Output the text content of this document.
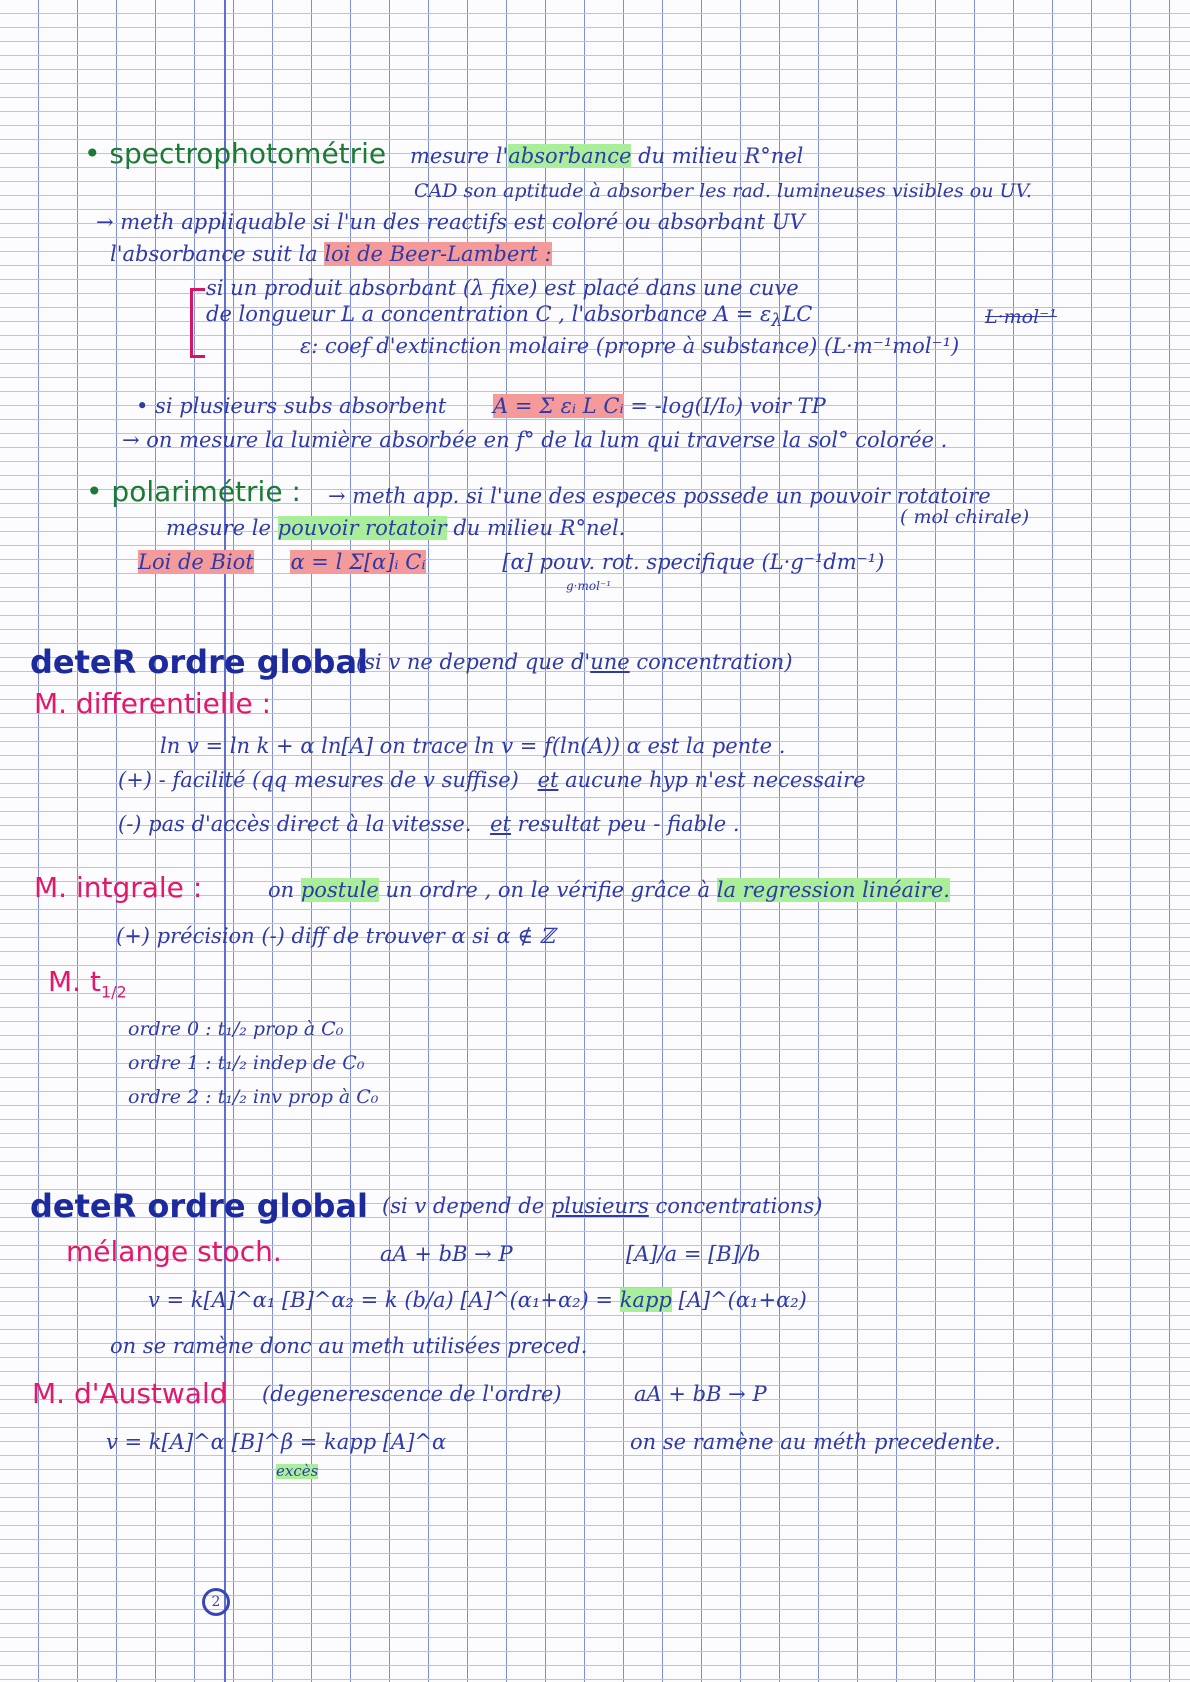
• spectrophotométrie mesure l'absorbance du milieu R°nel
CAD son aptitude à absorber les rad. lumineuses visibles ou UV.
→ meth appliquable si l'un des reactifs est coloré ou absorbant UV
l'absorbance suit la loi de Beer-Lambert :
si un produit absorbant (λ fixe) est placé dans une cuve
de longueur L a concentration C , l'absorbance $A = \varepsilon_\lambda LC$	L·mol⁻¹
ε: coef d'extinction molaire (propre à substance) (L·m⁻¹mol⁻¹)
• si plusieurs subs absorbent A = Σ εᵢ L Cᵢ = -log(I/I₀) voir TP
→ on mesure la lumière absorbée en f° de la lum qui traverse la sol° colorée .
• polarimétrie : → meth app. si l'une des especes possede un pouvoir rotatoire
mesure le pouvoir rotatoir du milieu R°nel.	( mol chirale)
Loi de Biot α = l Σ[α]ᵢ Cᵢ	[α] pouv. rot. specifique (L·g⁻¹dm⁻¹)
g·mol⁻¹
deteR ordre global
(si v ne depend que d'une concentration)
M. differentielle :
ln v = ln k + α ln[A] on trace ln v = f(ln(A)) α est la pente .
(+) - facilité (qq mesures de v suffise) et aucune hyp n'est necessaire
(-) pas d'accès direct à la vitesse. et resultat peu - fiable .
M. intgrale :	on postule un ordre , on le vérifie grâce à la regression linéaire.
(+) précision (-) diff de trouver α si α ∉ ℤ
M. $t_{1/2}$
ordre 0 : t₁/₂ prop à C₀
ordre 1 : t₁/₂ indep de C₀
ordre 2 : t₁/₂ inv prop à C₀
deteR ordre global (si v depend de plusieurs concentrations)
mélange stoch.	aA + bB → P	[A]/a = [B]/b
v = k[A]^α₁ [B]^α₂ = k (b/a) [A]^(α₁+α₂) = kapp [A]^(α₁+α₂)
on se ramène donc au meth utilisées preced.
M. d'Austwald (degenerescence de l'ordre)	aA + bB → P
v = k[A]^α [B]^β = kapp [A]^α
excès
on se ramène au méth precedente.
2
